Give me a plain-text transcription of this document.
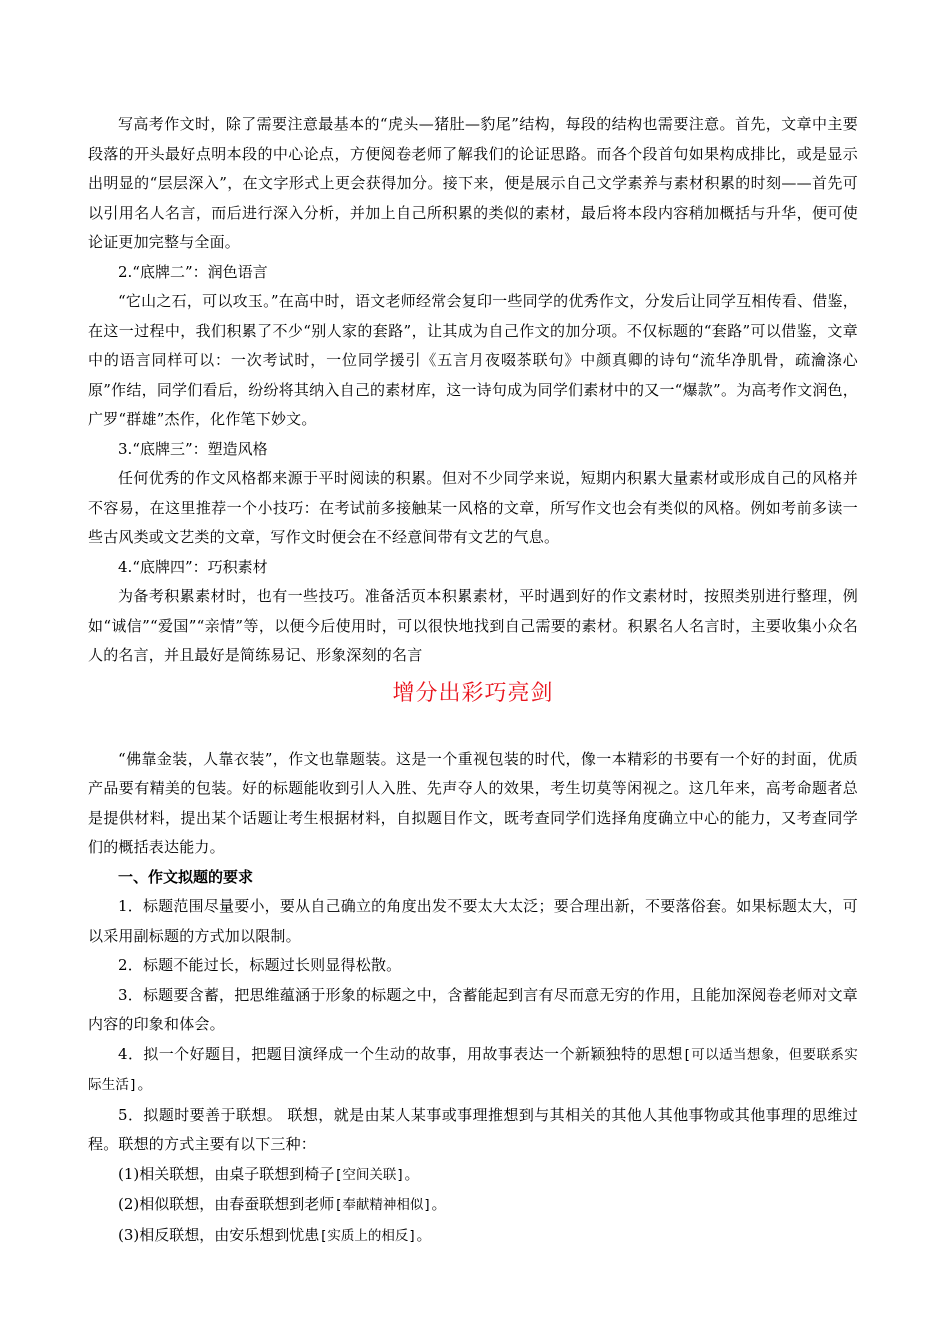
写高考作文时，除了需要注意最基本的“虎头—猪肚—豹尾”结构，每段的结构也需要注意。首先，文章中主要段落的开头最好点明本段的中心论点，方便阅卷老师了解我们的论证思路。而各个段首句如果构成排比，或是显示出明显的“层层深入”，在文字形式上更会获得加分。接下来，便是展示自己文学素养与素材积累的时刻——首先可以引用名人名言，而后进行深入分析，并加上自己所积累的类似的素材，最后将本段内容稍加概括与升华，便可使论证更加完整与全面。

2.“底牌二”：润色语言

“它山之石，可以攻玉。”在高中时，语文老师经常会复印一些同学的优秀作文，分发后让同学互相传看、借鉴，在这一过程中，我们积累了不少“别人家的套路”，让其成为自己作文的加分项。不仅标题的“套路”可以借鉴，文章中的语言同样可以：一次考试时，一位同学援引《五言月夜啜茶联句》中颜真卿的诗句“流华净肌骨，疏瀹涤心原”作结，同学们看后，纷纷将其纳入自己的素材库，这一诗句成为同学们素材中的又一“爆款”。为高考作文润色，广罗“群雄”杰作，化作笔下妙文。

3.“底牌三”：塑造风格

任何优秀的作文风格都来源于平时阅读的积累。但对不少同学来说，短期内积累大量素材或形成自己的风格并不容易，在这里推荐一个小技巧：在考试前多接触某一风格的文章，所写作文也会有类似的风格。例如考前多读一些古风类或文艺类的文章，写作文时便会在不经意间带有文艺的气息。

4.“底牌四”：巧积素材

为备考积累素材时，也有一些技巧。准备活页本积累素材，平时遇到好的作文素材时，按照类别进行整理，例如“诚信”“爱国”“亲情”等，以便今后使用时，可以很快地找到自己需要的素材。积累名人名言时，主要收集小众名人的名言，并且最好是简练易记、形象深刻的名言

增分出彩巧亮剑

“佛靠金装，人靠衣装”，作文也靠题装。这是一个重视包装的时代，像一本精彩的书要有一个好的封面，优质产品要有精美的包装。好的标题能收到引人入胜、先声夺人的效果，考生切莫等闲视之。这几年来，高考命题者总是提供材料，提出某个话题让考生根据材料，自拟题目作文，既考查同学们选择角度确立中心的能力，又考查同学们的概括表达能力。

一、作文拟题的要求

1．标题范围尽量要小，要从自己确立的角度出发不要太大太泛；要合理出新，不要落俗套。如果标题太大，可以采用副标题的方式加以限制。

2．标题不能过长，标题过长则显得松散。

3．标题要含蓄，把思维蕴涵于形象的标题之中，含蓄能起到言有尽而意无穷的作用，且能加深阅卷老师对文章内容的印象和体会。

4．拟一个好题目，把题目演绎成一个生动的故事，用故事表达一个新颖独特的思想[可以适当想象，但要联系实际生活]。

5．拟题时要善于联想。 联想，就是由某人某事或事理推想到与其相关的其他人其他事物或其他事理的思维过程。联想的方式主要有以下三种：

(1)相关联想，由桌子联想到椅子[空间关联]。

(2)相似联想，由春蚕联想到老师[奉献精神相似]。

(3)相反联想，由安乐想到忧患[实质上的相反]。
